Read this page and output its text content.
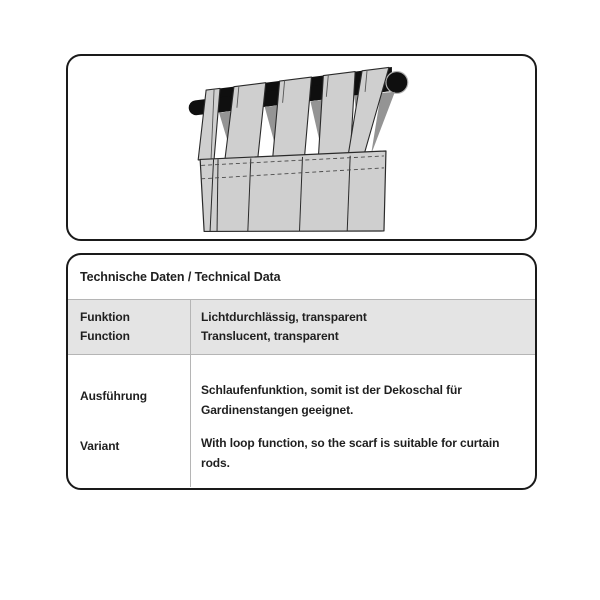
Technische Daten / Technical Data
Funktion
Function
Lichtdurchlässig, transparent
Translucent, transparent
Ausführung
Variant

Schlaufenfunktion, somit ist der Dekoschal für Gardinenstangen geeignet.

With loop function, so the scarf is suitable for curtain rods.
